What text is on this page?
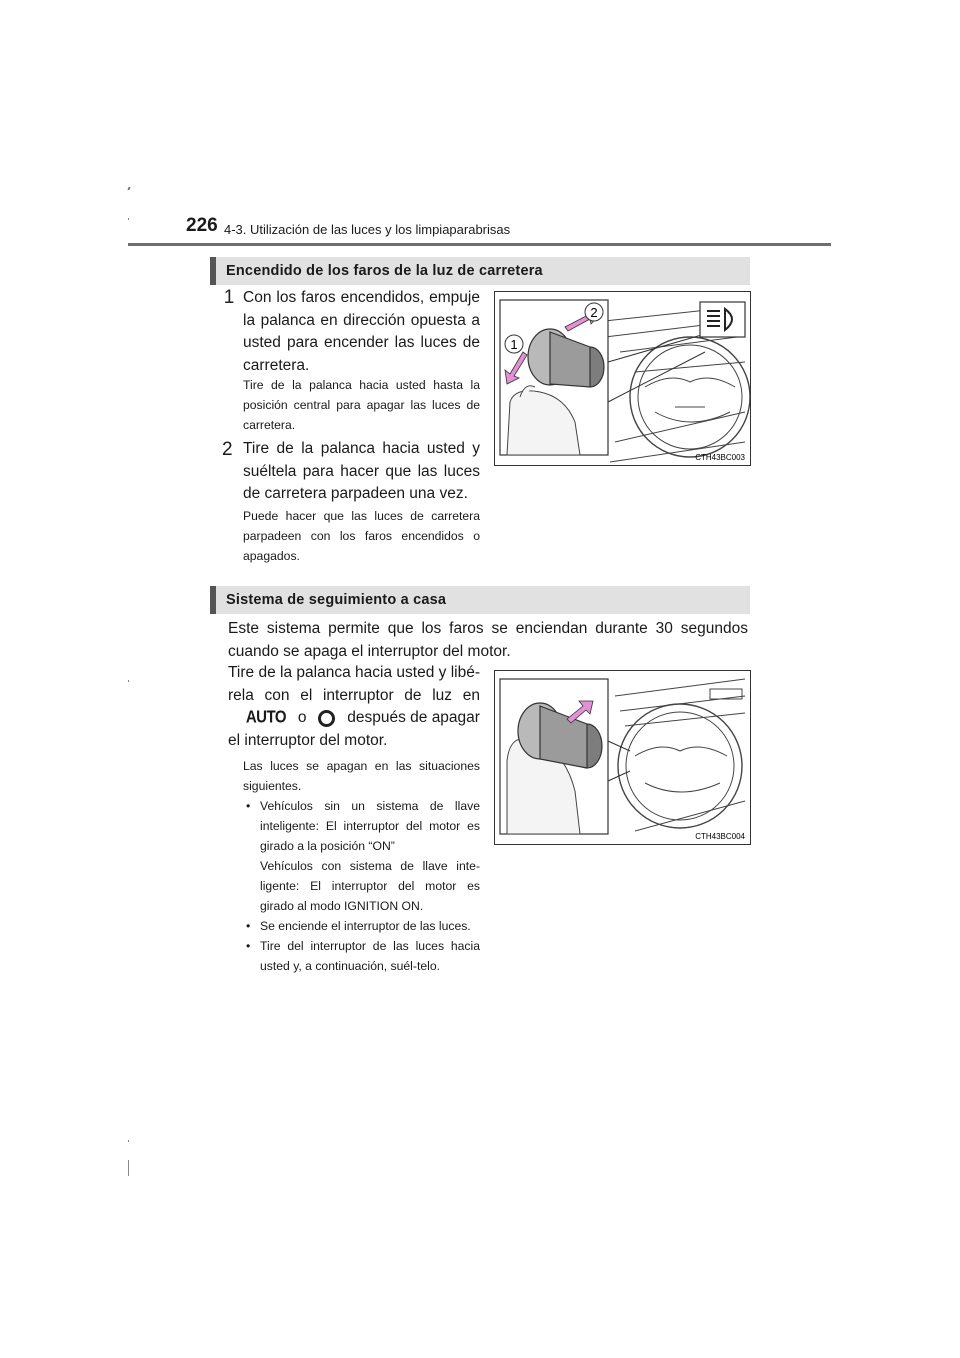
226 4-3. Utilización de las luces y los limpiaparabrisas
Encendido de los faros de la luz de carretera
1 Con los faros encendidos, empuje la palanca en dirección opuesta a usted para encender las luces de carretera.
Tire de la palanca hacia usted hasta la posición central para apagar las luces de carretera.
2 Tire de la palanca hacia usted y suéltela para hacer que las luces de carretera parpadeen una vez.
Puede hacer que las luces de carretera parpadeen con los faros encendidos o apagados.
2
1
CTH43BC003
Sistema de seguimiento a casa
Este sistema permite que los faros se enciendan durante 30 segundos cuando se apaga el interruptor del motor.
Tire de la palanca hacia usted y libé-
rela con el interruptor de luz en
AUTO o	después de apagar
el interruptor del motor.
Las luces se apagan en las situaciones siguientes.
• Vehículos sin un sistema de llave inteligente: El interruptor del motor es girado a la posición “ON”
Vehículos con sistema de llave inte-ligente: El interruptor del motor es girado al modo IGNITION ON.
• Se enciende el interruptor de las luces.
• Tire del interruptor de las luces hacia usted y, a continuación, suél-telo.
CTH43BC004
